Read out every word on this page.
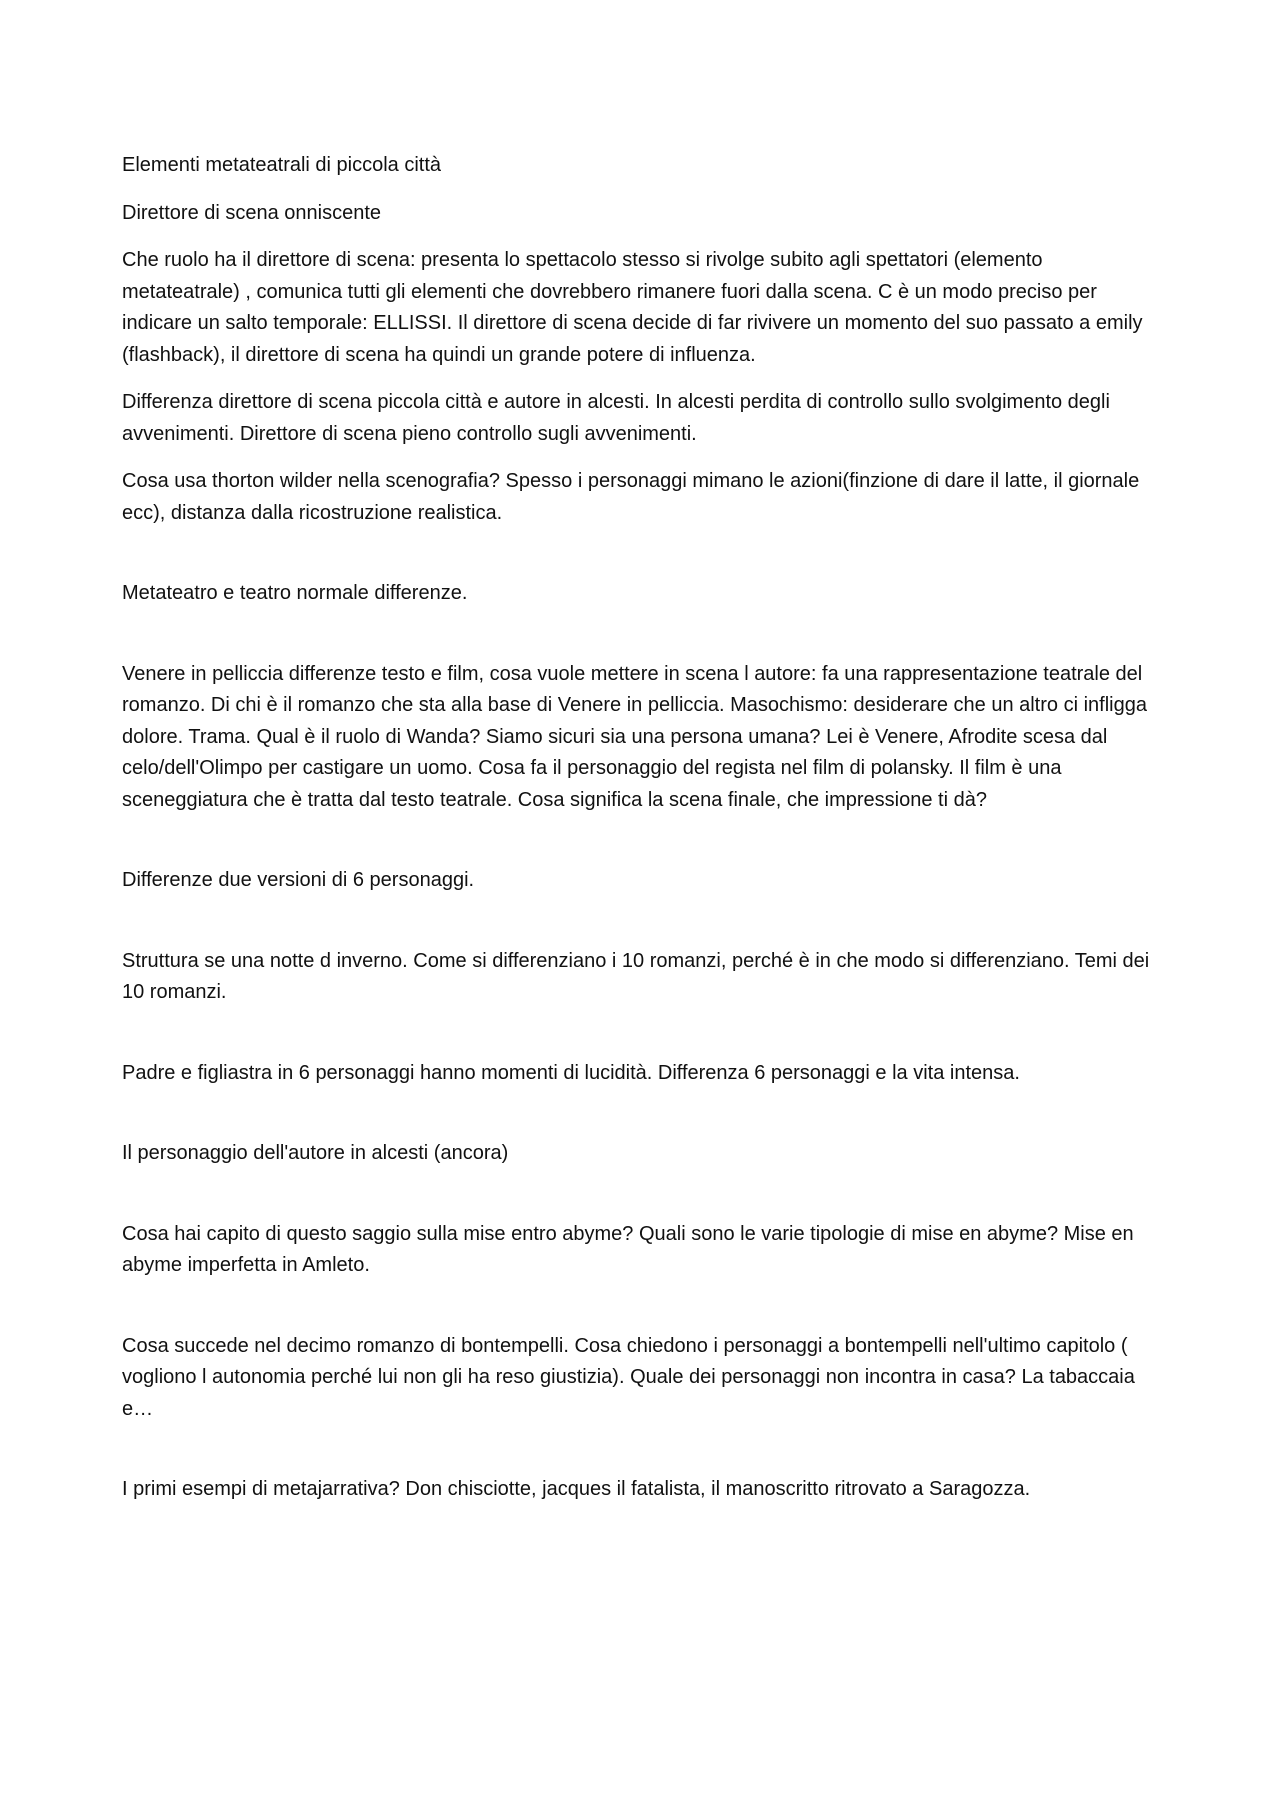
Elementi metateatrali di piccola città

Direttore di scena onniscente

Che ruolo ha il direttore di scena: presenta lo spettacolo stesso si rivolge subito agli spettatori (elemento metateatrale) , comunica tutti gli elementi che dovrebbero rimanere fuori dalla scena. C è un modo preciso per indicare un salto temporale: ELLISSI. Il direttore di scena decide di far rivivere un momento del suo passato a emily (flashback), il direttore di scena ha quindi un grande potere di influenza.

Differenza direttore di scena piccola città e autore in alcesti. In alcesti perdita di controllo sullo svolgimento degli avvenimenti. Direttore di scena pieno controllo sugli avvenimenti.

Cosa usa thorton wilder nella scenografia? Spesso i personaggi mimano le azioni(finzione di dare il latte, il giornale ecc), distanza dalla ricostruzione realistica.

Metateatro e teatro normale differenze.

Venere in pelliccia differenze testo e film, cosa vuole mettere in scena l autore: fa una rappresentazione teatrale del romanzo. Di chi è il romanzo che sta alla base di Venere in pelliccia. Masochismo: desiderare che un altro ci infligga dolore. Trama. Qual è il ruolo di Wanda? Siamo sicuri sia una persona umana? Lei è Venere, Afrodite scesa dal celo/dell'Olimpo per castigare un uomo. Cosa fa il personaggio del regista nel film di polansky. Il film è una sceneggiatura che è tratta dal testo teatrale. Cosa significa la scena finale, che impressione ti dà?

Differenze due versioni di 6 personaggi.

Struttura se una notte d inverno. Come si differenziano i 10 romanzi, perché è in che modo si differenziano. Temi dei 10 romanzi.

Padre e figliastra in 6 personaggi hanno momenti di lucidità. Differenza 6 personaggi e la vita intensa.

Il personaggio dell'autore in alcesti (ancora)

Cosa hai capito di questo saggio sulla mise entro abyme? Quali sono le varie tipologie di mise en abyme? Mise en abyme imperfetta in Amleto.

Cosa succede nel decimo romanzo di bontempelli. Cosa chiedono i personaggi a bontempelli nell'ultimo capitolo ( vogliono l autonomia perché lui non gli ha reso giustizia). Quale dei personaggi non incontra in casa? La tabaccaia e…

I primi esempi di metajarrativa? Don chisciotte, jacques il fatalista, il manoscritto ritrovato a Saragozza.
